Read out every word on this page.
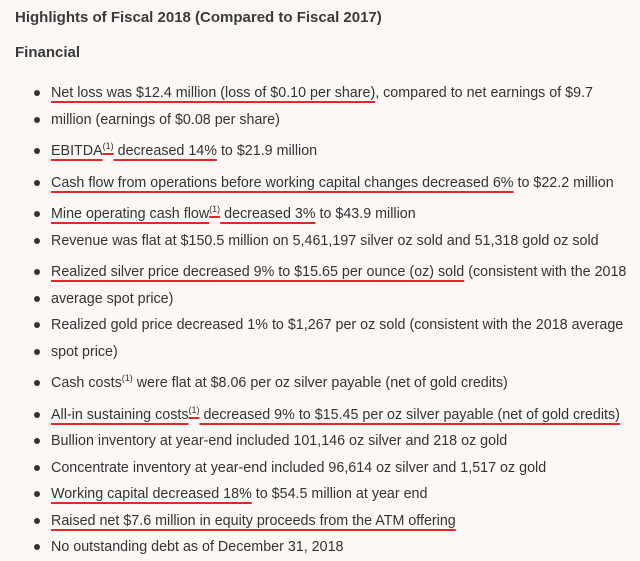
Highlights of Fiscal 2018 (Compared to Fiscal 2017)
Financial
Net loss was $12.4 million (loss of $0.10 per share), compared to net earnings of $9.7
million (earnings of $0.08 per share)
EBITDA$^{(1)}$ decreased 14% to $21.9 million
Cash flow from operations before working capital changes decreased 6% to $22.2 million
Mine operating cash flow$^{(1)}$ decreased 3% to $43.9 million
Revenue was flat at $150.5 million on 5,461,197 silver oz sold and 51,318 gold oz sold
Realized silver price decreased 9% to $15.65 per ounce (oz) sold (consistent with the 2018
average spot price)
Realized gold price decreased 1% to $1,267 per oz sold (consistent with the 2018 average
spot price)
Cash costs$^{(1)}$ were flat at $8.06 per oz silver payable (net of gold credits)
All-in sustaining costs$^{(1)}$ decreased 9% to $15.45 per oz silver payable (net of gold credits)
Bullion inventory at year-end included 101,146 oz silver and 218 oz gold
Concentrate inventory at year-end included 96,614 oz silver and 1,517 oz gold
Working capital decreased 18% to $54.5 million at year end
Raised net $7.6 million in equity proceeds from the ATM offering
No outstanding debt as of December 31, 2018
